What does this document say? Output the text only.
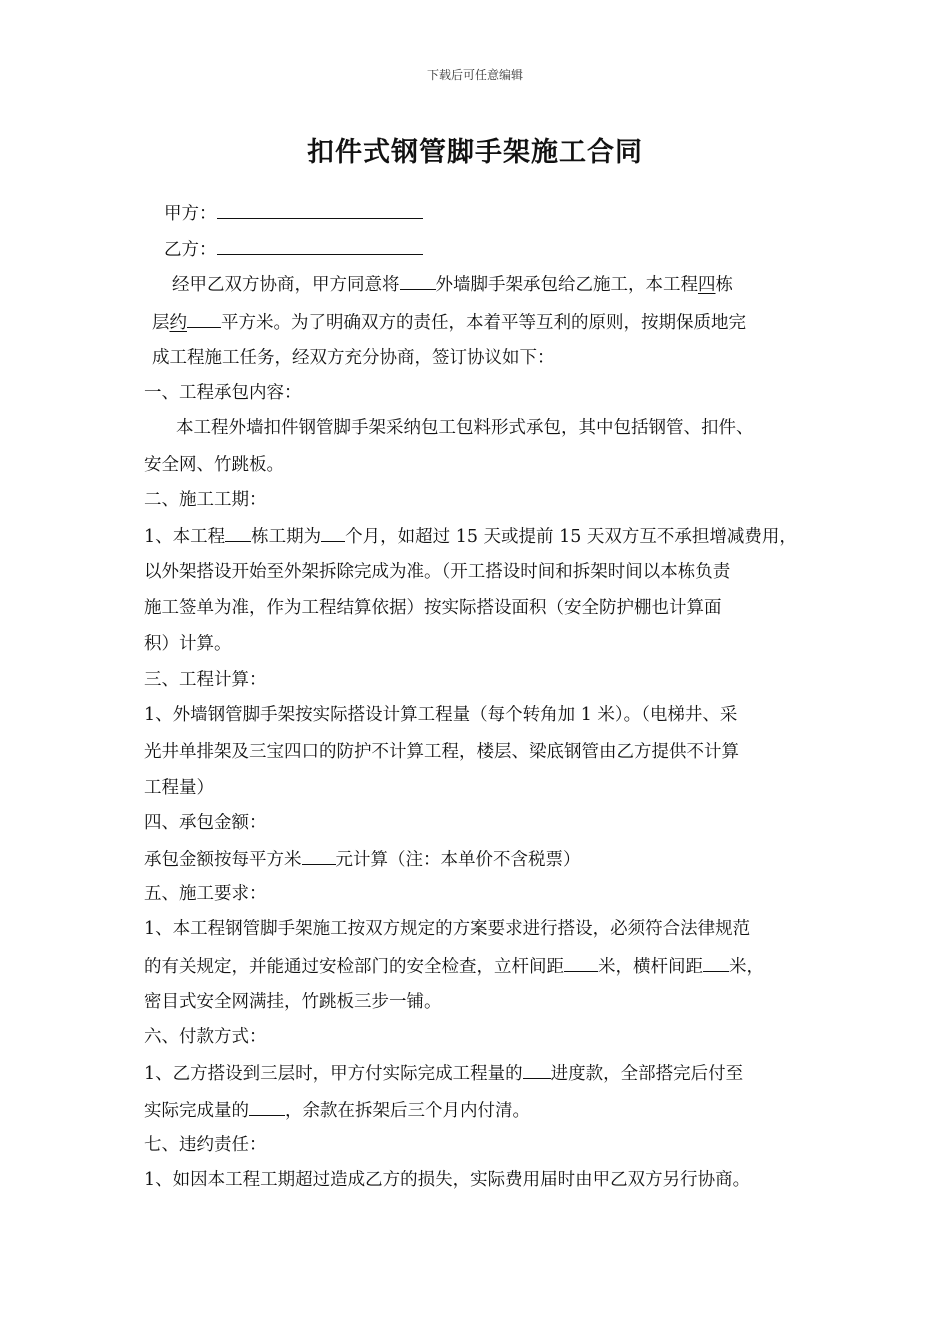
下载后可任意编辑
扣件式钢管脚手架施工合同
甲方：
乙方：
经甲乙双方协商，甲方同意将 外墙脚手架承包给乙施工，本工程四栋
层约 平方米。为了明确双方的责任，本着平等互利的原则，按期保质地完
成工程施工任务，经双方充分协商，签订协议如下：
一、工程承包内容：
本工程外墙扣件钢管脚手架采纳包工包料形式承包，其中包括钢管、扣件、
安全网、竹跳板。
二、施工工期：
1、本工程 栋工期为 个月，如超过 15 天或提前 15 天双方互不承担增减费用，
以外架搭设开始至外架拆除完成为准。（开工搭设时间和拆架时间以本栋负责
施工签单为准，作为工程结算依据）按实际搭设面积（安全防护棚也计算面
积）计算。
三、工程计算：
1、外墙钢管脚手架按实际搭设计算工程量（每个转角加 1 米）。（电梯井、采
光井单排架及三宝四口的防护不计算工程，楼层、梁底钢管由乙方提供不计算
工程量）
四、承包金额：
承包金额按每平方米 元计算（注：本单价不含税票）
五、施工要求：
1、本工程钢管脚手架施工按双方规定的方案要求进行搭设，必须符合法律规范
的有关规定，并能通过安检部门的安全检查，立杆间距 米，横杆间距 米，
密目式安全网满挂，竹跳板三步一铺。
六、付款方式：
1、乙方搭设到三层时，甲方付实际完成工程量的 进度款，全部搭完后付至
实际完成量的 ，余款在拆架后三个月内付清。
七、违约责任：
1、如因本工程工期超过造成乙方的损失，实际费用届时由甲乙双方另行协商。
